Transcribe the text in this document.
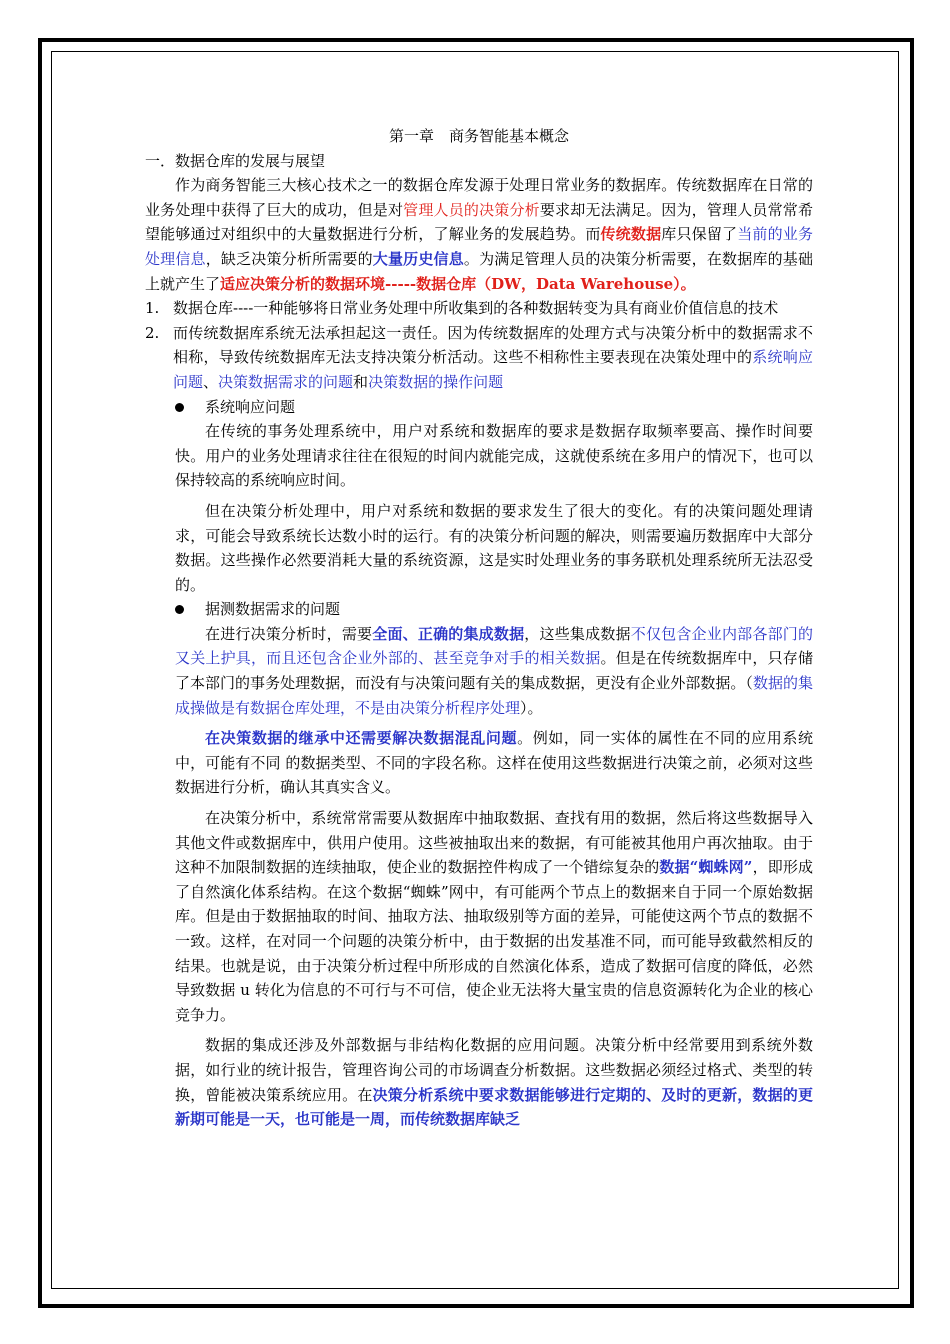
第一章　商务智能基本概念

一．数据仓库的发展与展望

作为商务智能三大核心技术之一的数据仓库发源于处理日常业务的数据库。传统数据库在日常的业务处理中获得了巨大的成功，但是对管理人员的决策分析要求却无法满足。因为，管理人员常常希望能够通过对组织中的大量数据进行分析，了解业务的发展趋势。而传统数据库只保留了当前的业务处理信息，缺乏决策分析所需要的大量历史信息。为满足管理人员的决策分析需要，在数据库的基础上就产生了适应决策分析的数据环境-----数据仓库（DW，Data Warehouse）。

1. 数据仓库----一种能够将日常业务处理中所收集到的各种数据转变为具有商业价值信息的技术

2. 而传统数据库系统无法承担起这一责任。因为传统数据库的处理方式与决策分析中的数据需求不相称，导致传统数据库无法支持决策分析活动。这些不相称性主要表现在决策处理中的系统响应问题、决策数据需求的问题和决策数据的操作问题

系统响应问题

在传统的事务处理系统中，用户对系统和数据库的要求是数据存取频率要高、操作时间要快。用户的业务处理请求往往在很短的时间内就能完成，这就使系统在多用户的情况下，也可以保持较高的系统响应时间。

但在决策分析处理中，用户对系统和数据的要求发生了很大的变化。有的决策问题处理请求，可能会导致系统长达数小时的运行。有的决策分析问题的解决，则需要遍历数据库中大部分数据。这些操作必然要消耗大量的系统资源，这是实时处理业务的事务联机处理系统所无法忍受的。

据测数据需求的问题

在进行决策分析时，需要全面、正确的集成数据，这些集成数据不仅包含企业内部各部门的又关上护具，而且还包含企业外部的、甚至竞争对手的相关数据。但是在传统数据库中，只存储了本部门的事务处理数据，而没有与决策问题有关的集成数据，更没有企业外部数据。（数据的集成操做是有数据仓库处理，不是由决策分析程序处理）。

在决策数据的继承中还需要解决数据混乱问题。例如，同一实体的属性在不同的应用系统中，可能有不同 的数据类型、不同的字段名称。这样在使用这些数据进行决策之前，必须对这些数据进行分析，确认其真实含义。

在决策分析中，系统常常需要从数据库中抽取数据、查找有用的数据，然后将这些数据导入其他文件或数据库中，供用户使用。这些被抽取出来的数据，有可能被其他用户再次抽取。由于这种不加限制数据的连续抽取，使企业的数据控件构成了一个错综复杂的数据“蜘蛛网”，即形成了自然演化体系结构。在这个数据“蜘蛛”网中，有可能两个节点上的数据来自于同一个原始数据库。但是由于数据抽取的时间、抽取方法、抽取级别等方面的差异，可能使这两个节点的数据不一致。这样，在对同一个问题的决策分析中，由于数据的出发基准不同，而可能导致截然相反的结果。也就是说，由于决策分析过程中所形成的自然演化体系，造成了数据可信度的降低，必然导致数据 u 转化为信息的不可行与不可信，使企业无法将大量宝贵的信息资源转化为企业的核心竞争力。

数据的集成还涉及外部数据与非结构化数据的应用问题。决策分析中经常要用到系统外数据，如行业的统计报告，管理咨询公司的市场调查分析数据。这些数据必须经过格式、类型的转换，曾能被决策系统应用。在决策分析系统中要求数据能够进行定期的、及时的更新，数据的更新期可能是一天，也可能是一周，而传统数据库缺乏
